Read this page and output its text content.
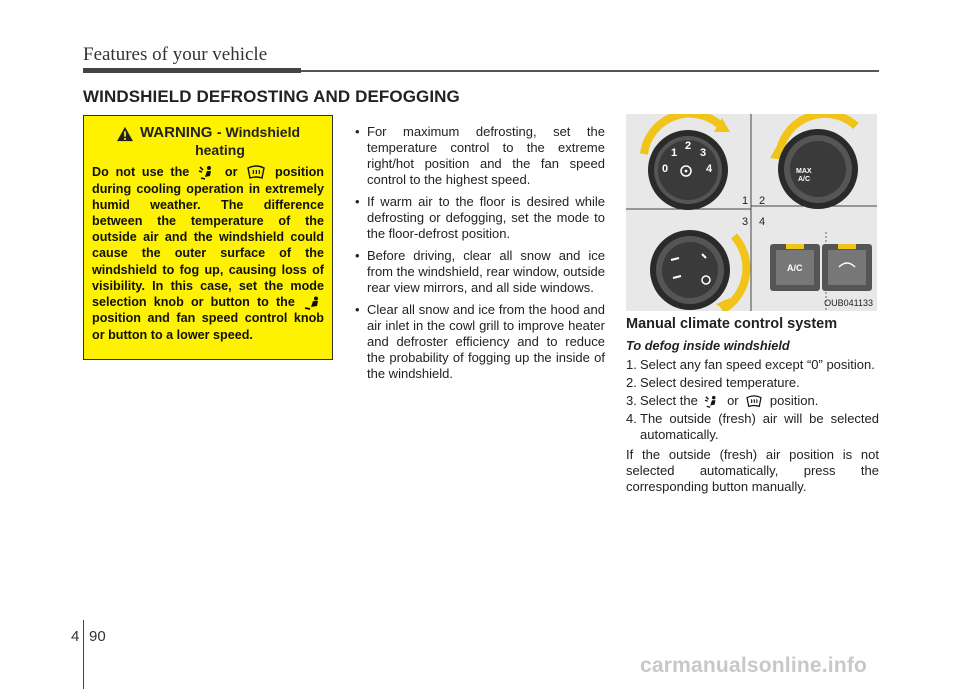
Features of your vehicle
WINDSHIELD DEFROSTING AND DEFOGGING
WARNING - Windshield
heating
Do not use the	or	position during cooling operation in extremely humid weather. The difference between the temperature of the outside air and the windshield could cause the outer surface of the windshield to fog up, causing loss of visibility. In this case, set the mode selection knob or button to the  position and fan speed control knob or button to a lower speed.
• For maximum defrosting, set the temperature control to the extreme right/hot position and the fan speed control to the highest speed.
• If warm air to the floor is desired while defrosting or defogging, set the mode to the floor-defrost position.
• Before driving, clear all snow and ice from the windshield, rear window, outside rear view mirrors, and all side windows.
• Clear all snow and ice from the hood and air inlet in the cowl grill to improve heater and defroster efficiency and to reduce the probability of fogging up the inside of the windshield.
0
1
2
3
4	MAX
A/C
1 2
3 4
A/C
OUB041133
Manual climate control system
To defog inside windshield
1. Select any fan speed except “0” position.
2. Select desired temperature.
3. Select the or position.
4. The outside (fresh) air will be selected automatically.
If the outside (fresh) air position is not selected automatically, press the corresponding button manually.
4 90
carmanualsonline.info
